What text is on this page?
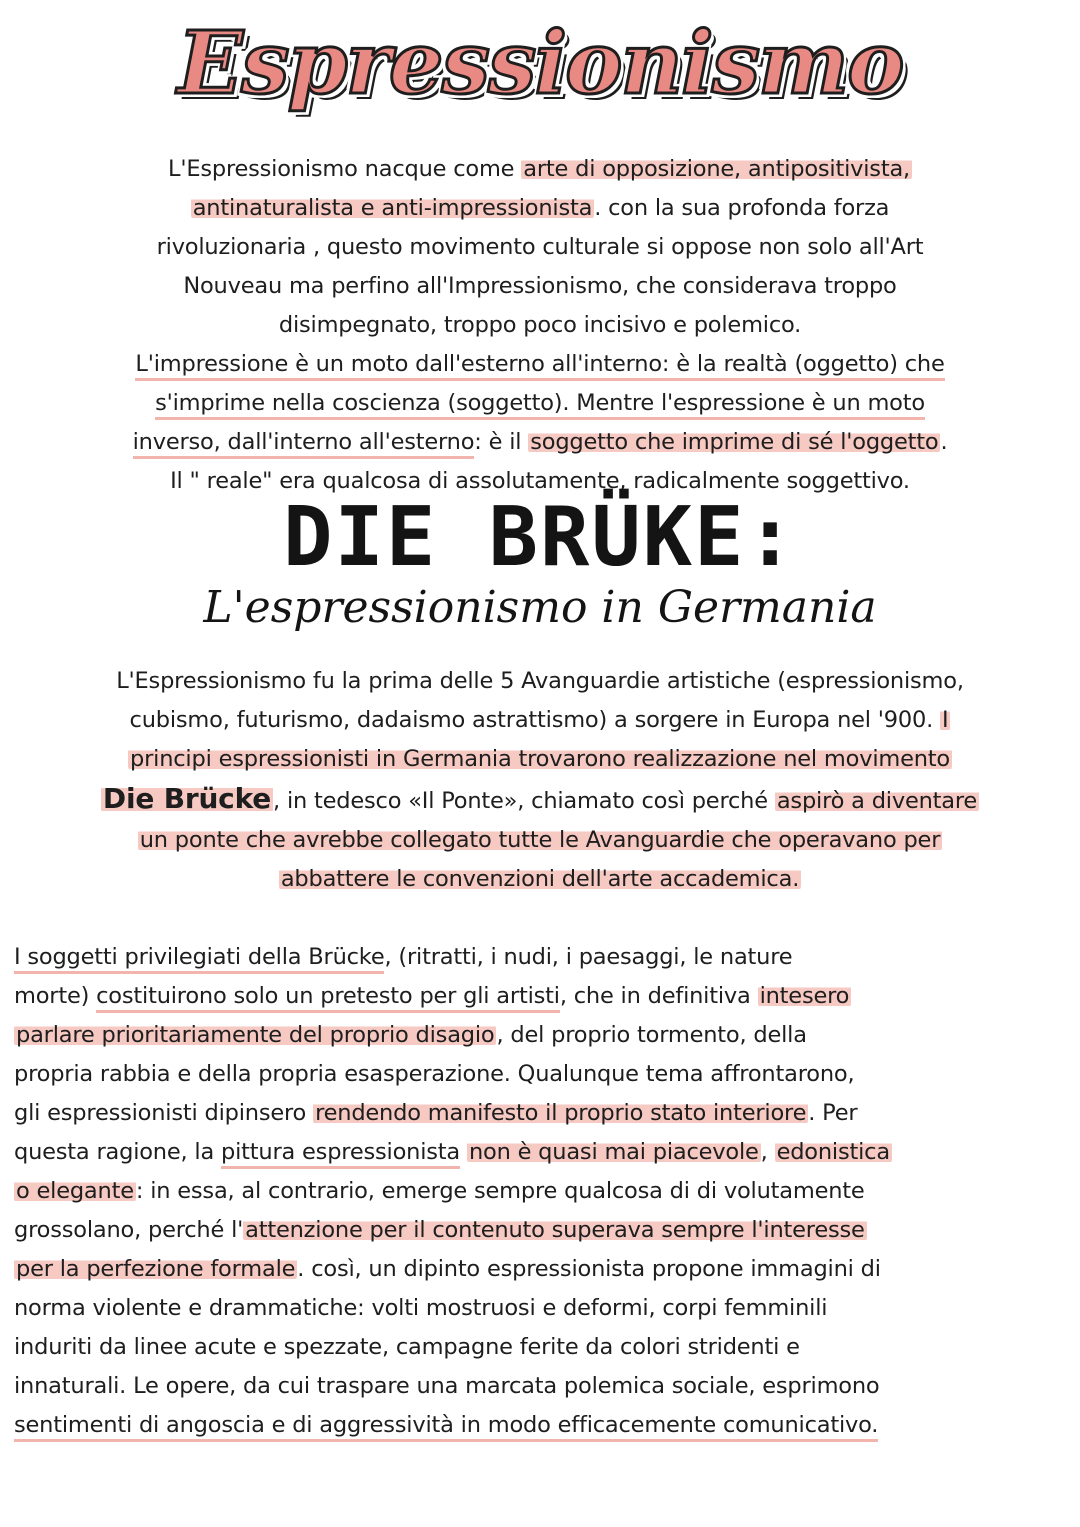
Espressionismo

L'Espressionismo nacque come arte di opposizione, antipositivista,

antinaturalista e anti-impressionista. con la sua profonda forza

rivoluzionaria , questo movimento culturale si oppose non solo all'Art

Nouveau ma perfino all'Impressionismo, che considerava troppo

disimpegnato, troppo poco incisivo e polemico.

L'impressione è un moto dall'esterno all'interno: è la realtà (oggetto) che

s'imprime nella coscienza (soggetto). Mentre l'espressione è un moto

inverso, dall'interno all'esterno: è il soggetto che imprime di sé l'oggetto.

Il " reale" era qualcosa di assolutamente, radicalmente soggettivo.

DIE BRÜKE:
L'espressionismo in Germania

L'Espressionismo fu la prima delle 5 Avanguardie artistiche (espressionismo,

cubismo, futurismo, dadaismo astrattismo) a sorgere in Europa nel '900. I

principi espressionisti in Germania trovarono realizzazione nel movimento

Die Brücke, in tedesco «Il Ponte», chiamato così perché aspirò a diventare

un ponte che avrebbe collegato tutte le Avanguardie che operavano per

abbattere le convenzioni dell'arte accademica.

I soggetti privilegiati della Brücke, (ritratti, i nudi, i paesaggi, le nature

morte) costituirono solo un pretesto per gli artisti, che in definitiva intesero

parlare prioritariamente del proprio disagio, del proprio tormento, della

propria rabbia e della propria esasperazione. Qualunque tema affrontarono,

gli espressionisti dipinsero rendendo manifesto il proprio stato interiore. Per

questa ragione, la pittura espressionista non è quasi mai piacevole, edonistica

o elegante: in essa, al contrario, emerge sempre qualcosa di di volutamente

grossolano, perché l'attenzione per il contenuto superava sempre l'interesse

per la perfezione formale. così, un dipinto espressionista propone immagini di

norma violente e drammatiche: volti mostruosi e deformi, corpi femminili

induriti da linee acute e spezzate, campagne ferite da colori stridenti e

innaturali. Le opere, da cui traspare una marcata polemica sociale, esprimono

sentimenti di angoscia e di aggressività in modo efficacemente comunicativo.
